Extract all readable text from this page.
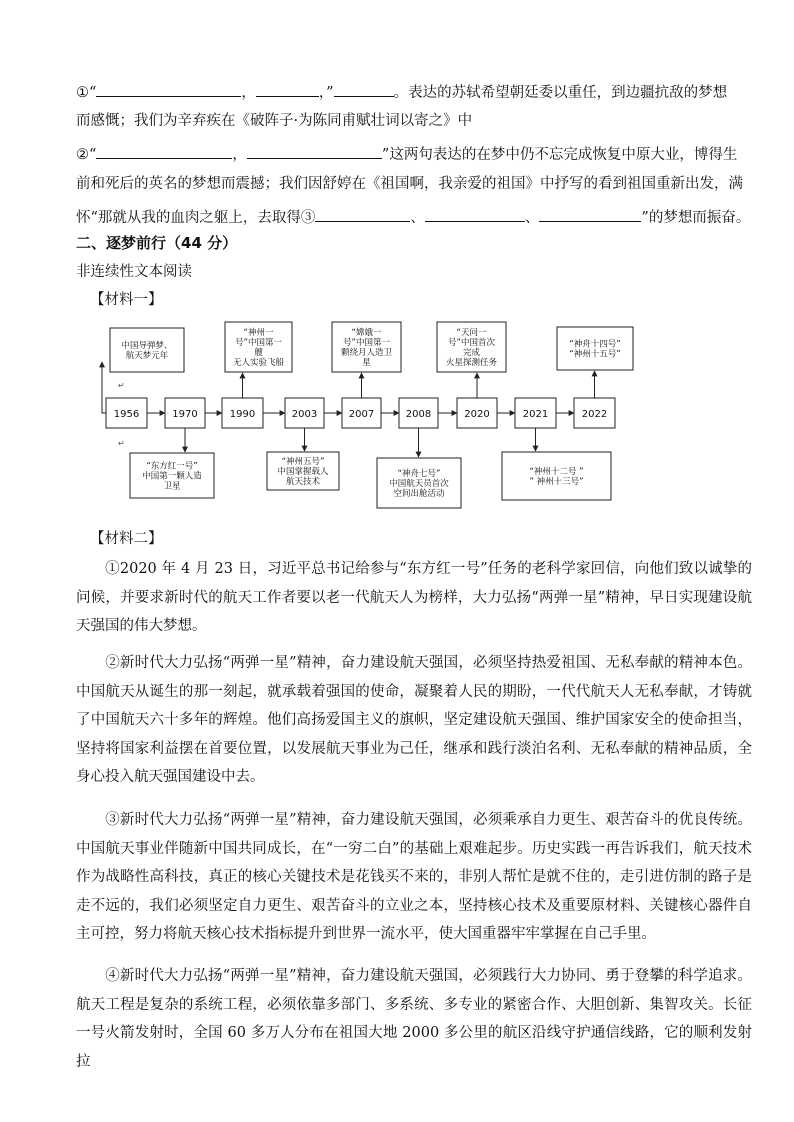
①“	，	，”	。表达的苏轼希望朝廷委以重任，到边疆抗敌的梦想
而感慨；我们为辛弃疾在《破阵子·为陈同甫赋壮词以寄之》中
②“	，	”这两句表达的在梦中仍不忘完成恢复中原大业，博得生
前和死后的英名的梦想而震撼；我们因舒婷在《祖国啊，我亲爱的祖国》中抒写的看到祖国重新出发，满
怀“那就从我的血肉之躯上，去取得③	、	、	”的梦想而振奋。
二、逐梦前行（44 分）
非连续性文本阅读
【材料一】
1956	1970	1990	2003	2007	2008	2020	2021	2022
中国导弹梦、
航天梦元年
“神州一
号”中国第一
艘
无人实验飞船
“嫦娥一
号”中国第一
颗绕月人造卫
星
“天问一
号”中国首次
完成
火星探测任务
“神舟十四号”
“神州十五号”
“东方红一号”
中国第一颗人造
卫星
“神州五号”
中国掌握载人
航天技术
“神舟七号”
中国航天员首次
空间出舱活动
“神州十二号 ”
” 神州十三号”
↵
↵
【材料二】
①2020 年 4 月 23 日，习近平总书记给参与“东方红一号”任务的老科学家回信，向他们致以诚挚的问候，并要求新时代的航天工作者要以老一代航天人为榜样，大力弘扬“两弹一星”精神，早日实现建设航天强国的伟大梦想。
②新时代大力弘扬“两弹一星”精神，奋力建设航天强国，必须坚持热爱祖国、无私奉献的精神本色。中国航天从诞生的那一刻起，就承载着强国的使命，凝聚着人民的期盼，一代代航天人无私奉献，才铸就了中国航天六十多年的辉煌。他们高扬爱国主义的旗帜，坚定建设航天强国、维护国家安全的使命担当，坚持将国家利益摆在首要位置，以发展航天事业为己任，继承和践行淡泊名利、无私奉献的精神品质，全身心投入航天强国建设中去。
③新时代大力弘扬“两弹一星”精神，奋力建设航天强国，必须乘承自力更生、艰苦奋斗的优良传统。中国航天事业伴随新中国共同成长，在“一穷二白”的基础上艰难起步。历史实践一再告诉我们，航天技术作为战略性高科技，真正的核心关键技术是花钱买不来的，非别人帮忙是就不住的，走引进仿制的路子是走不远的，我们必须坚定自力更生、艰苦奋斗的立业之本，坚持核心技术及重要原材料、关键核心器件自主可控，努力将航天核心技术指标提升到世界一流水平，使大国重器牢牢掌握在自己手里。
④新时代大力弘扬“两弹一星”精神，奋力建设航天强国，必须践行大力协同、勇于登攀的科学追求。航天工程是复杂的系统工程，必须依靠多部门、多系统、多专业的紧密合作、大胆创新、集智攻关。长征一号火箭发射时，全国 60 多万人分布在祖国大地 2000 多公里的航区沿线守护通信线路，它的顺利发射拉
